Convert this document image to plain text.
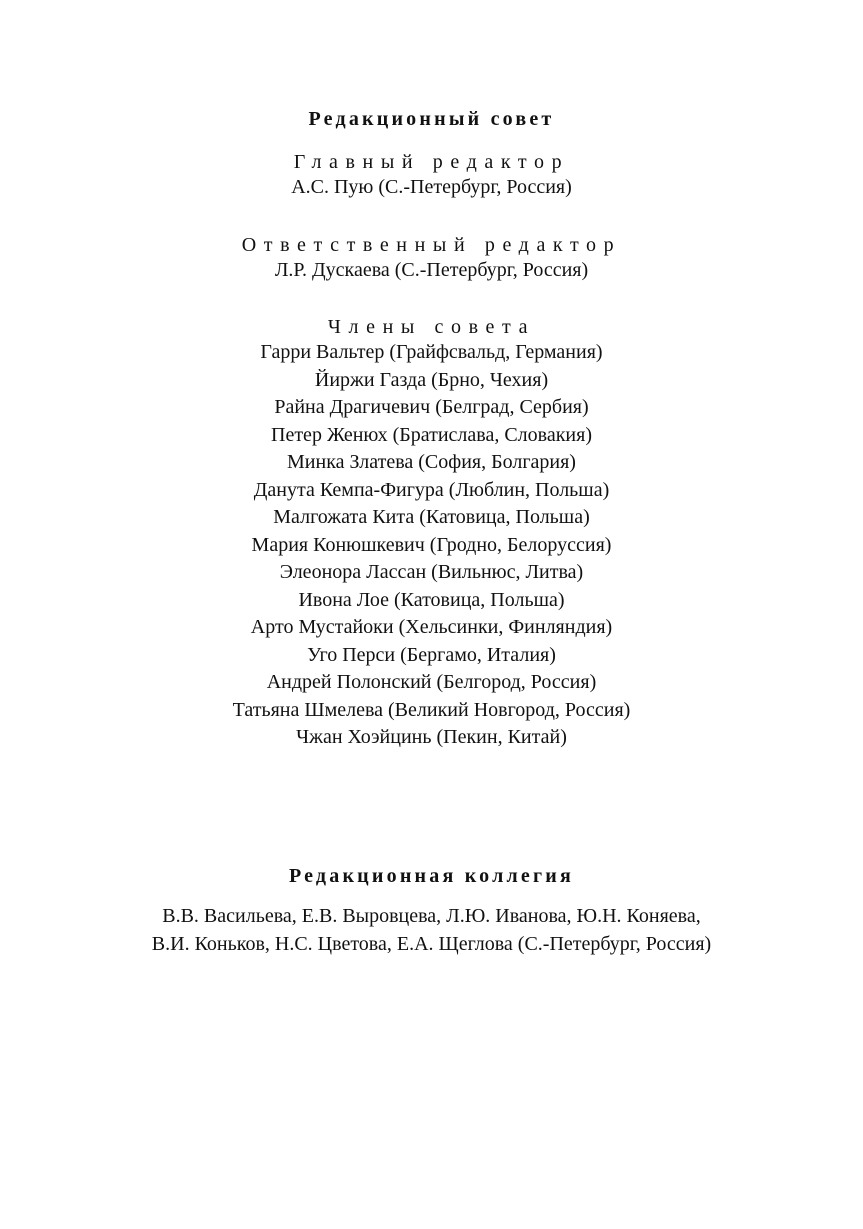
Редакционный совет

Главный редактор

А.С. Пую (С.-Петербург, Россия)

Ответственный редактор

Л.Р. Дускаева (С.-Петербург, Россия)

Члены совета

Гарри Вальтер (Грайфсвальд, Германия)
Йиржи Газда (Брно, Чехия)
Райна Драгичевич (Белград, Сербия)
Петер Женюх (Братислава, Словакия)
Минка Златева (София, Болгария)
Данута Кемпа-Фигура (Люблин, Польша)
Малгожата Кита (Катовица, Польша)
Мария Конюшкевич (Гродно, Белоруссия)
Элеонора Лассан (Вильнюс, Литва)
Ивона Лое (Катовица, Польша)
Арто Мустайоки (Хельсинки, Финляндия)
Уго Перси (Бергамо, Италия)
Андрей Полонский (Белгород, Россия)
Татьяна Шмелева (Великий Новгород, Россия)
Чжан Хоэйцинь (Пекин, Китай)

Редакционная коллегия

В.В. Васильева, Е.В. Выровцева, Л.Ю. Иванова, Ю.Н. Коняева,

В.И. Коньков, Н.С. Цветова, Е.А. Щеглова (С.-Петербург, Россия)
